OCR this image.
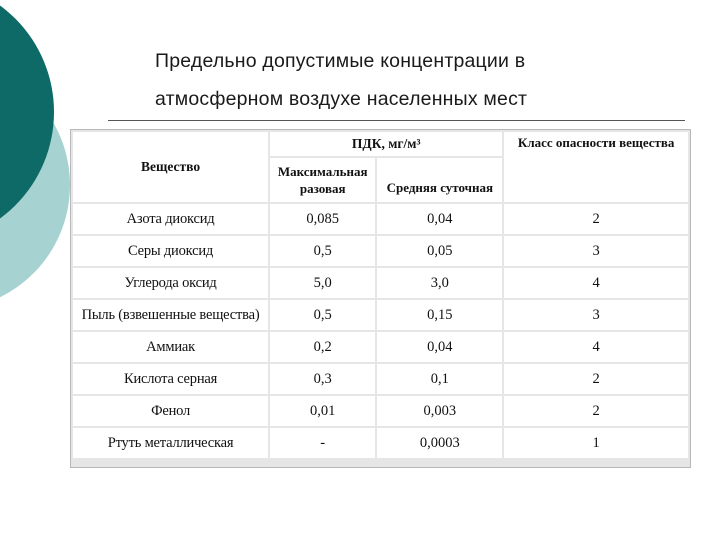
Предельно допустимые концентрации в
атмосферном воздухе населенных мест
Вещество	ПДК, мг/м³		Класс опасности вещества
	Максимальная разовая	Средняя суточная	
Азота диоксид	0,085	0,04	2
Серы диоксид	0,5	0,05	3
Углерода оксид	5,0	3,0	4
Пыль (взвешенные вещества)	0,5	0,15	3
Аммиак	0,2	0,04	4
Кислота серная	0,3	0,1	2
Фенол	0,01	0,003	2
Ртуть металлическая	-	0,0003	1
